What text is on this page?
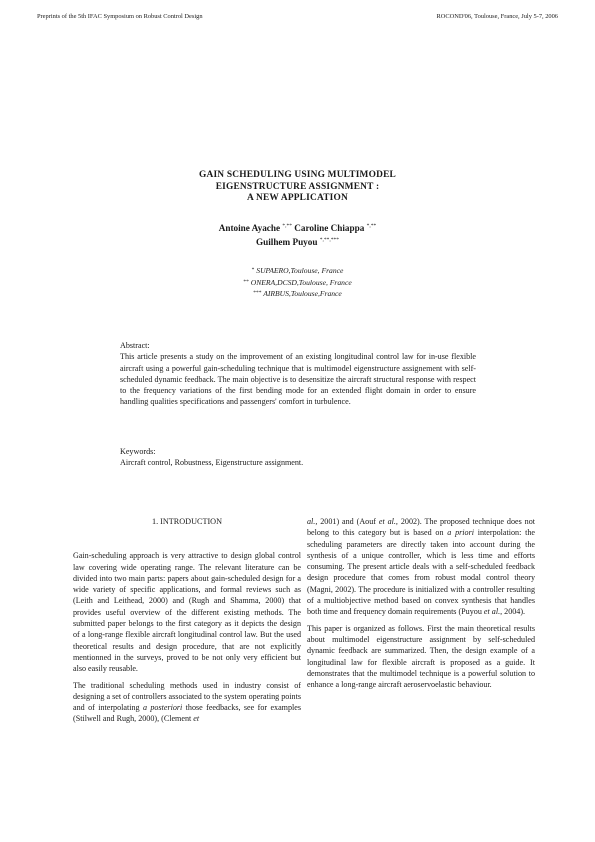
Preprints of the 5th IFAC Symposium on Robust Control Design	ROCOND'06, Toulouse, France, July 5-7, 2006
GAIN SCHEDULING USING MULTIMODEL
EIGENSTRUCTURE ASSIGNMENT :
A NEW APPLICATION
Antoine Ayache *,** Caroline Chiappa *,**
Guilhem Puyou *,**,***
* SUPAERO,Toulouse, France
** ONERA,DCSD,Toulouse, France
*** AIRBUS,Toulouse,France
Abstract:
This article presents a study on the improvement of an existing longitudinal control law for in-use flexible aircraft using a powerful gain-scheduling technique that is multimodel eigenstructure assignement with self-scheduled dynamic feedback. The main objective is to desensitize the aircraft structural response with respect to the frequency variations of the first bending mode for an extended flight domain in order to ensure handling qualities specifications and passengers' comfort in turbulence.
Keywords:
Aircraft control, Robustness, Eigenstructure assignment.
1. INTRODUCTION

Gain-scheduling approach is very attractive to design global control law covering wide operating range. The relevant literature can be divided into two main parts: papers about gain-scheduled design for a wide variety of specific applications, and formal reviews such as (Leith and Leithead, 2000) and (Rugh and Shamma, 2000) that provides useful overview of the different existing methods. The submitted paper belongs to the first category as it depicts the design of a long-range flexible aircraft longitudinal control law. But the used theoretical results and design procedure, that are not explicitly mentionned in the surveys, proved to be not only very efficient but also easily reusable.

The traditional scheduling methods used in industry consist of designing a set of controllers associated to the system operating points and of interpolating a posteriori those feedbacks, see for examples (Stilwell and Rugh, 2000), (Clement et

al., 2001) and (Aouf et al., 2002). The proposed technique does not belong to this category but is based on a priori interpolation: the scheduling parameters are directly taken into account during the synthesis of a unique controller, which is less time and efforts consuming. The present article deals with a self-scheduled feedback design procedure that comes from robust modal control theory (Magni, 2002). The procedure is initialized with a controller resulting of a multiobjective method based on convex synthesis that handles both time and frequency domain requirements (Puyou et al., 2004).

This paper is organized as follows. First the main theoretical results about multimodel eigenstructure assignment by self-scheduled dynamic feedback are summarized. Then, the design example of a longitudinal law for flexible aircraft is proposed as a guide. It demonstrates that the multimodel technique is a powerful solution to enhance a long-range aircraft aeroservoelastic behaviour.
